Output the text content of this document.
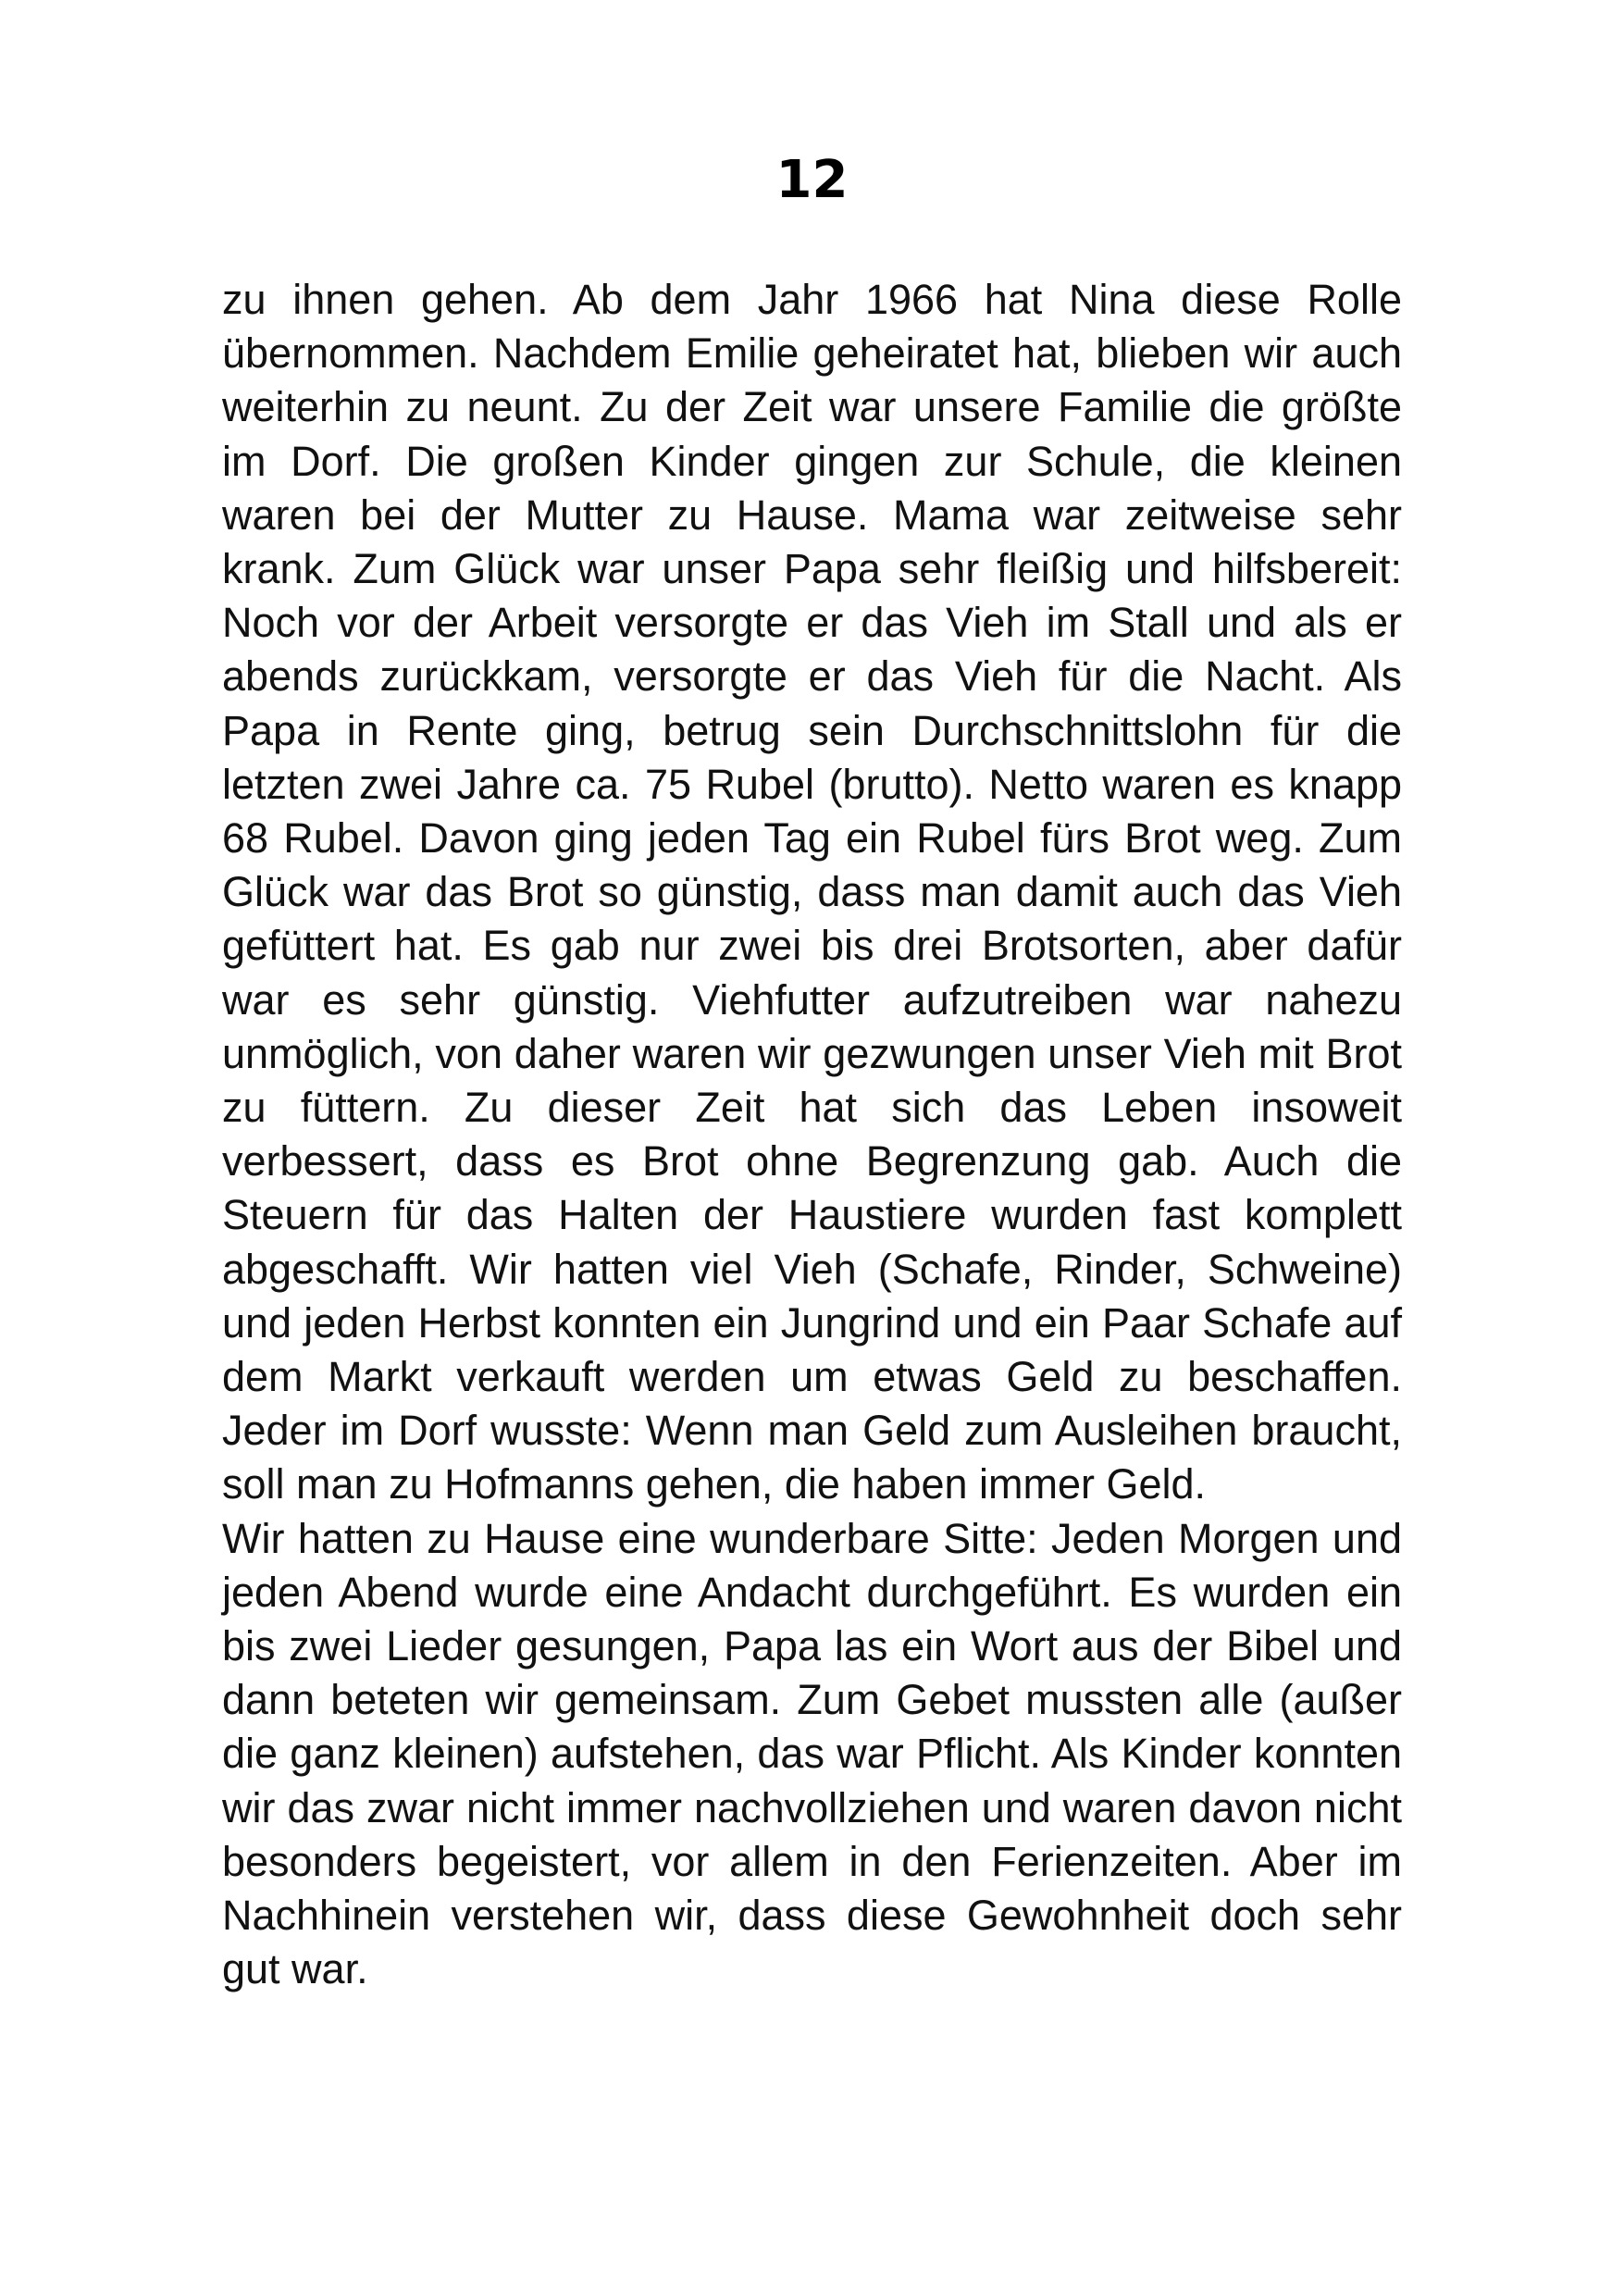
12

zu ihnen gehen. Ab dem Jahr 1966 hat Nina diese Rolle übernommen. Nachdem Emilie geheiratet hat, blieben wir auch weiterhin zu neunt. Zu der Zeit war unsere Familie die größte im Dorf. Die großen Kinder gingen zur Schule, die kleinen waren bei der Mutter zu Hause. Mama war zeitweise sehr krank. Zum Glück war unser Papa sehr fleißig und hilfsbereit: Noch vor der Arbeit versorgte er das Vieh im Stall und als er abends zurückkam, versorgte er das Vieh für die Nacht. Als Papa in Rente ging, betrug sein Durchschnittslohn für die letzten zwei Jahre ca. 75 Rubel (brutto). Netto waren es knapp 68 Rubel. Davon ging jeden Tag ein Rubel fürs Brot weg. Zum Glück war das Brot so günstig, dass man damit auch das Vieh gefüttert hat. Es gab nur zwei bis drei Brotsorten, aber dafür war es sehr günstig. Viehfutter aufzutreiben war nahezu unmöglich, von daher waren wir gezwungen unser Vieh mit Brot zu füttern. Zu dieser Zeit hat sich das Leben insoweit verbessert, dass es Brot ohne Begrenzung gab. Auch die Steuern für das Halten der Haustiere wurden fast komplett abgeschafft. Wir hatten viel Vieh (Schafe, Rinder, Schweine) und jeden Herbst konnten ein Jungrind und ein Paar Schafe auf dem Markt verkauft werden um etwas Geld zu beschaffen. Jeder im Dorf wusste: Wenn man Geld zum Ausleihen braucht, soll man zu Hofmanns gehen, die haben immer Geld.

Wir hatten zu Hause eine wunderbare Sitte: Jeden Morgen und jeden Abend wurde eine Andacht durchgeführt. Es wurden ein bis zwei Lieder gesungen, Papa las ein Wort aus der Bibel und dann beteten wir gemeinsam. Zum Gebet mussten alle (außer die ganz kleinen) aufstehen, das war Pflicht. Als Kinder konnten wir das zwar nicht immer nachvollziehen und waren davon nicht besonders begeistert, vor allem in den Ferienzeiten. Aber im Nachhinein verstehen wir, dass diese Gewohnheit doch sehr gut war.
